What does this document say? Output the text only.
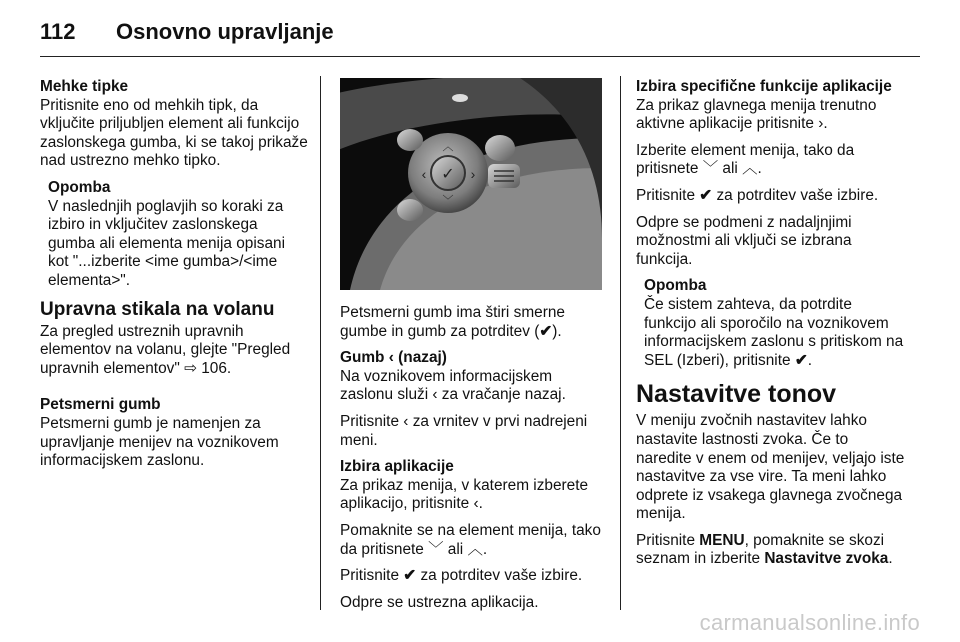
112	Osnovno upravljanje
Mehke tipke

Pritisnite eno od mehkih tipk, da vključite priljubljen element ali funkcijo zaslonskega gumba, ki se takoj prikaže nad ustrezno mehko tipko.

Opomba

V naslednjih poglavjih so koraki za izbiro in vključitev zaslonskega gumba ali elementa menija opisani kot "...izberite <ime gumba>/<ime elementa>".

Upravna stikala na volanu

Za pregled ustreznih upravnih elementov na volanu, glejte "Pregled upravnih elementov" ⇨ 106.

Petsmerni gumb

Petsmerni gumb je namenjen za upravljanje menijev na voznikovem informacijskem zaslonu.

✓
‹	›
︿
﹀

Petsmerni gumb ima štiri smerne gumbe in gumb za potrditev (✔).

Gumb ‹ (nazaj)

Na voznikovem informacijskem zaslonu služi ‹ za vračanje nazaj.

Pritisnite ‹ za vrnitev v prvi nadrejeni meni.

Izbira aplikacije

Za prikaz menija, v katerem izberete aplikacijo, pritisnite ‹.

Pomaknite se na element menija, tako da pritisnete ﹀ ali ︿.

Pritisnite ✔ za potrditev vaše izbire.

Odpre se ustrezna aplikacija.

Izbira specifične funkcije aplikacije

Za prikaz glavnega menija trenutno aktivne aplikacije pritisnite ›.

Izberite element menija, tako da pritisnete ﹀ ali ︿.

Pritisnite ✔ za potrditev vaše izbire.

Odpre se podmeni z nadaljnjimi možnostmi ali vključi se izbrana funkcija.

Opomba

Če sistem zahteva, da potrdite funkcijo ali sporočilo na voznikovem informacijskem zaslonu s pritiskom na SEL (Izberi), pritisnite ✔.

Nastavitve tonov

V meniju zvočnih nastavitev lahko nastavite lastnosti zvoka. Če to naredite v enem od menijev, veljajo iste nastavitve za vse vire. Ta meni lahko odprete iz vsakega glavnega zvočnega menija.

Pritisnite MENU, pomaknite se skozi seznam in izberite Nastavitve zvoka.

carmanualsonline.info
